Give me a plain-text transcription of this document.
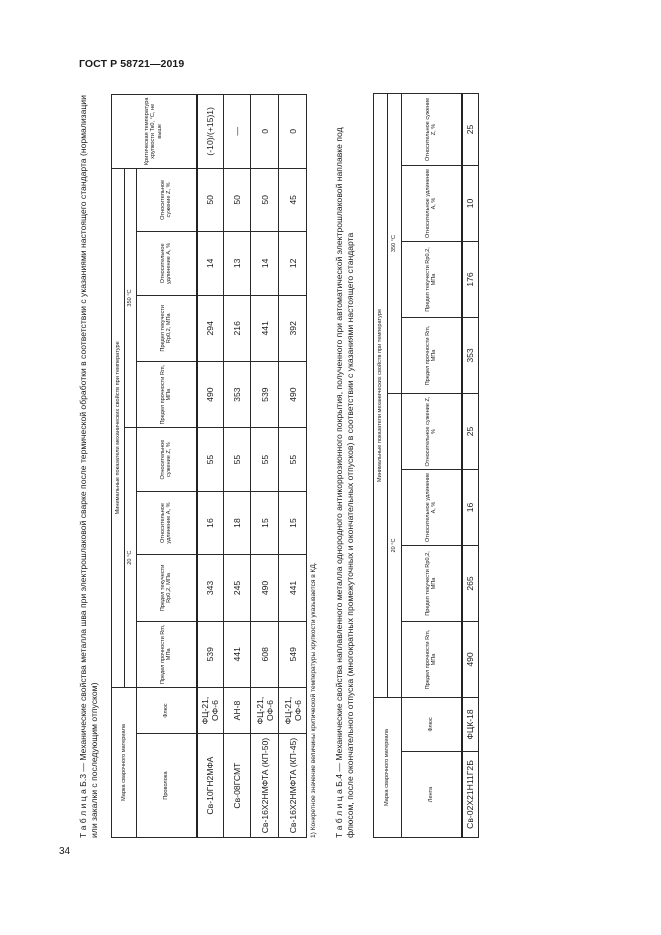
ГОСТ Р 58721—2019
34
Т а б л и ц а Б.3 — Механические свойства металла шва при электрошлаковой сварке после термической обработки в соответствии с указаниями настоящего стандарта (нормализации или закалки с последующим отпуском)	Марка сварочного материала		Минимальные показатели механических свойств при температуре								Критическая температура хрупкости Tк0, °С, не выше
		20 °С				350 °С				
Проволока	Флюс	Предел прочности Rm, МПа	Предел текучести Rp0,2, МПа	Относительное удлинение A, %	Относительное сужение Z, %	Предел прочности Rm, МПа	Предел текучести Rp0,2, МПа	Относительное удлинение A, %	Относительное сужение Z, %	
Св-10ГН2МФА	ФЦ-21, ОФ-6	539	343	16	55	490	294	14	50	(-10)/(+15)1)
Св-08ГСМТ	АН-8	441	245	18	55	353	216	13	50	—
Св-16Х2НМФТА (КП-50)	ФЦ-21, ОФ-6	608	490	15	55	539	441	14	50	0
Св-16Х2НМФТА (КП-45)	ФЦ-21, ОФ-6	549	441	15	55	490	392	12	45	0
1) Конкретное значение величины критической температуры хрупкости указывается в КД. Т а б л и ц а Б.4 — Механические свойства наплавленного металла однородного антикоррозионного покрытия, полученного при автоматической электрошлаковой наплавке под флюсом, после окончательного отпуска (многократных промежуточных и окончательных отпусков) в соответствии с указаниями настоящего стандарта	Марка сварочного материала		Минимальные показатели механических свойств при температуре							
		20 °С				350 °С			
Лента	Флюс	Предел прочности Rm, МПа	Предел текучести Rp0,2, МПа	Относительное удлинение A, %	Относительное сужение Z, %	Предел прочности Rm, МПа	Предел текучести Rp0,2, МПа	Относительное удлинение A, %	Относительное сужение Z, %
Св-02Х21Н11Г2Б	ФЦК-18	490	265	16	25	353	176	10	25
